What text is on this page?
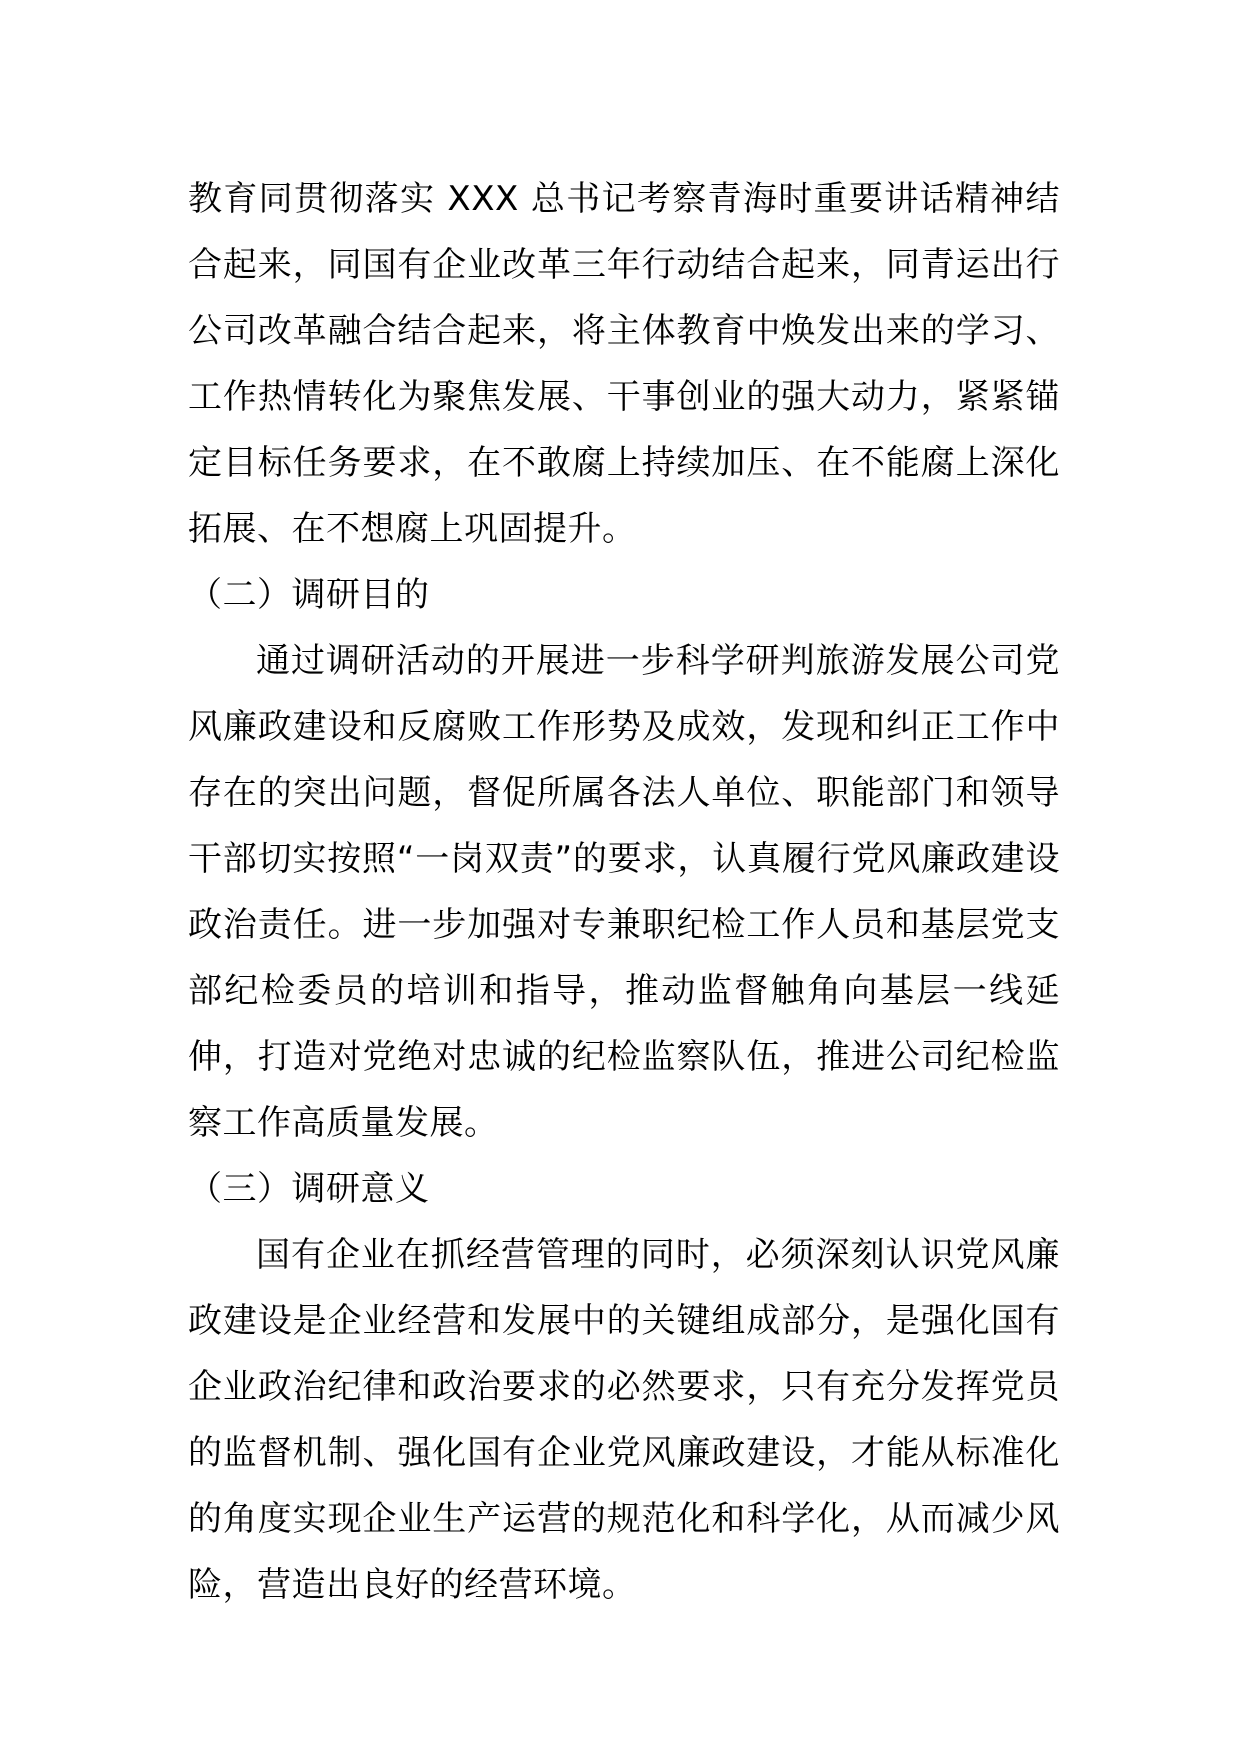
教育同贯彻落实 XXX 总书记考察青海时重要讲话精神结合起来，同国有企业改革三年行动结合起来，同青运出行公司改革融合结合起来，将主体教育中焕发出来的学习、工作热情转化为聚焦发展、干事创业的强大动力，紧紧锚定目标任务要求，在不敢腐上持续加压、在不能腐上深化拓展、在不想腐上巩固提升。

（二）调研目的

通过调研活动的开展进一步科学研判旅游发展公司党风廉政建设和反腐败工作形势及成效，发现和纠正工作中存在的突出问题，督促所属各法人单位、职能部门和领导干部切实按照“一岗双责”的要求，认真履行党风廉政建设政治责任。进一步加强对专兼职纪检工作人员和基层党支部纪检委员的培训和指导，推动监督触角向基层一线延伸，打造对党绝对忠诚的纪检监察队伍，推进公司纪检监察工作高质量发展。

（三）调研意义

国有企业在抓经营管理的同时，必须深刻认识党风廉政建设是企业经营和发展中的关键组成部分，是强化国有企业政治纪律和政治要求的必然要求，只有充分发挥党员的监督机制、强化国有企业党风廉政建设，才能从标准化的角度实现企业生产运营的规范化和科学化，从而减少风险，营造出良好的经营环境。
